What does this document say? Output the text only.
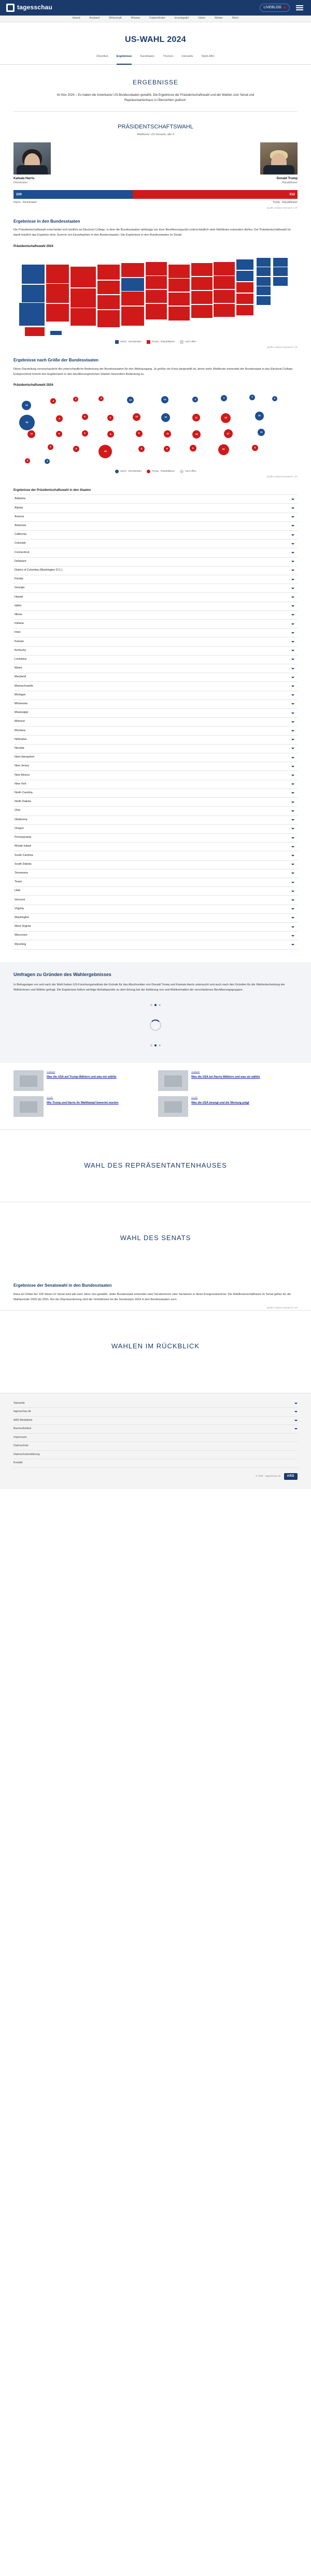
tagesschau	LIVEBLOG
Inland · Ausland · Wirtschaft · Wissen · Faktenfinder · Investigativ · Video · Wetter · Mehr
US-WAHL 2024
Überblick	Ergebnisse	Kandidaten	Themen	Interaktiv	Wahl-ABC
ERGEBNISSE
Im Nov 2024 – Es haben die Amerikaner US-Bundesstaaten gewählt. Die Ergebnisse der Präsidentschaftswahl und der Wahlen zum Senat und Repräsentantenhaus in Übersichten grafisch.
PRÄSIDENTSCHAFTSWAHL
Wahlkreis: US-Gesamt, alle 0
Kamala Harris
Demokraten
Donald Trump
Republikaner
226	312
Harris · Demokraten	Trump · Republikaner
Quelle: Edison Research / AP
Ergebnisse in den Bundesstaaten
Die Präsidentschaftswahl entscheidet sich letztlich an Electoral College, in dem die Bundesstaaten abhängig von ihrer Bevölkerungszahl unterschiedlich viele Wahlleute entsenden dürfen. Der Präsidentschaftswahl ist damit letztlich das Ergebnis einer Summe von Einzelwahlen in den Bundesstaaten. Die Ergebnisse in den Bundesstaaten im Detail:
Präsidentschaftswahl 2024
Harris · Demokraten	Trump · Republikaner	noch offen
Quelle: Edison Research / AP
Ergebnisse nach Größe der Bundesstaaten
Diese Darstellung veranschaulicht die unterschiedliche Bedeutung der Bundesstaaten für den Wahlausgang. Je größer ein Kreis dargestellt ist, desto mehr Wahlleute entsendet der Bundesstaat in das Electoral College. Entsprechend kommt den Ergebnissen in den bevölkerungsreichen Staaten besondere Bedeutung zu.
Präsidentschaftswahl 2024
12
4
3	3
10	10	4	4	3	3
54
6
5	6	10	15	11	19
15
11	6	6	8	8	11	16	17
11
4
6
40
8	6	9	30
6
3	4
Harris · Demokraten	Trump · Republikaner	noch offen
Quelle: Edison Research / AP
Ergebnisse der Präsidentschaftswahl in den Staaten
Alabama
Alaska
Arizona
Arkansas
California
Colorado
Connecticut
Delaware
District of Columbia (Washington D.C.)
Florida
Georgia
Hawaii
Idaho
Illinois
Indiana
Iowa
Kansas
Kentucky
Louisiana
Maine
Maryland
Massachusetts
Michigan
Minnesota
Mississippi
Missouri
Montana
Nebraska
Nevada
New Hampshire
New Jersey
New Mexico
New York
North Carolina
North Dakota
Ohio
Oklahoma
Oregon
Pennsylvania
Rhode Island
South Carolina
South Dakota
Tennessee
Texas
Utah
Vermont
Virginia
Washington
West Virginia
Wisconsin
Wyoming
Umfragen zu Gründen des Wahlergebnisses
In Befragungen vor und nach der Wahl haben US-Forschungsinstitute die Gründe für das Abschneiden von Donald Trump und Kamala Harris untersucht und auch nach den Gründen für die Wahlentscheidung der Wählerinnen und Wähler gefragt. Die Ergebnisse liefern wichtige Anhaltspunkte zu dem Einzug bei der Erklärung von und Wahlverhalten der verschiedenen Bevölkerungsgruppen.
Analyse
Was die USA auf Trump-Wählern und was mir wählte
Analyse
Was die USA bei Harris-Wählern und was sie wählte
Grafik
Wie Trump und Harris ihr Wahlkampf bewertet wurden
Grafik
Was die USA bewegt und die Wertung prägt
WAHL DES REPRÄSENTANTENHAUSES
WAHL DES SENATS
Ergebnisse der Senatswahl in den Bundesstaaten
Etwa ein Drittel der 100 Sitzen im Senat wird alle zwei Jahre neu gewählt. Jeder Bundesstaat entsendet zwei Senatorinnen oder Senatoren in diese Kongresskammer. Die Wahlkreisverhältnisse im Senat gelten für die Wahlperiode 2025 bis 2031. Bei der Repräsentierung sind die Verhältnisse für die Senatssitze 2024 in den Bundesstaaten zum:
Quelle: Edison Research / AP
WAHLEN IM RÜCKBLICK
Startseite
tagesschau.de
ARD-Mediathek
Barrierefreiheit
Impressum
Datenschutz
Datenschutzerklärung
Kontakt
© ARD · tagesschau.de	ARD
